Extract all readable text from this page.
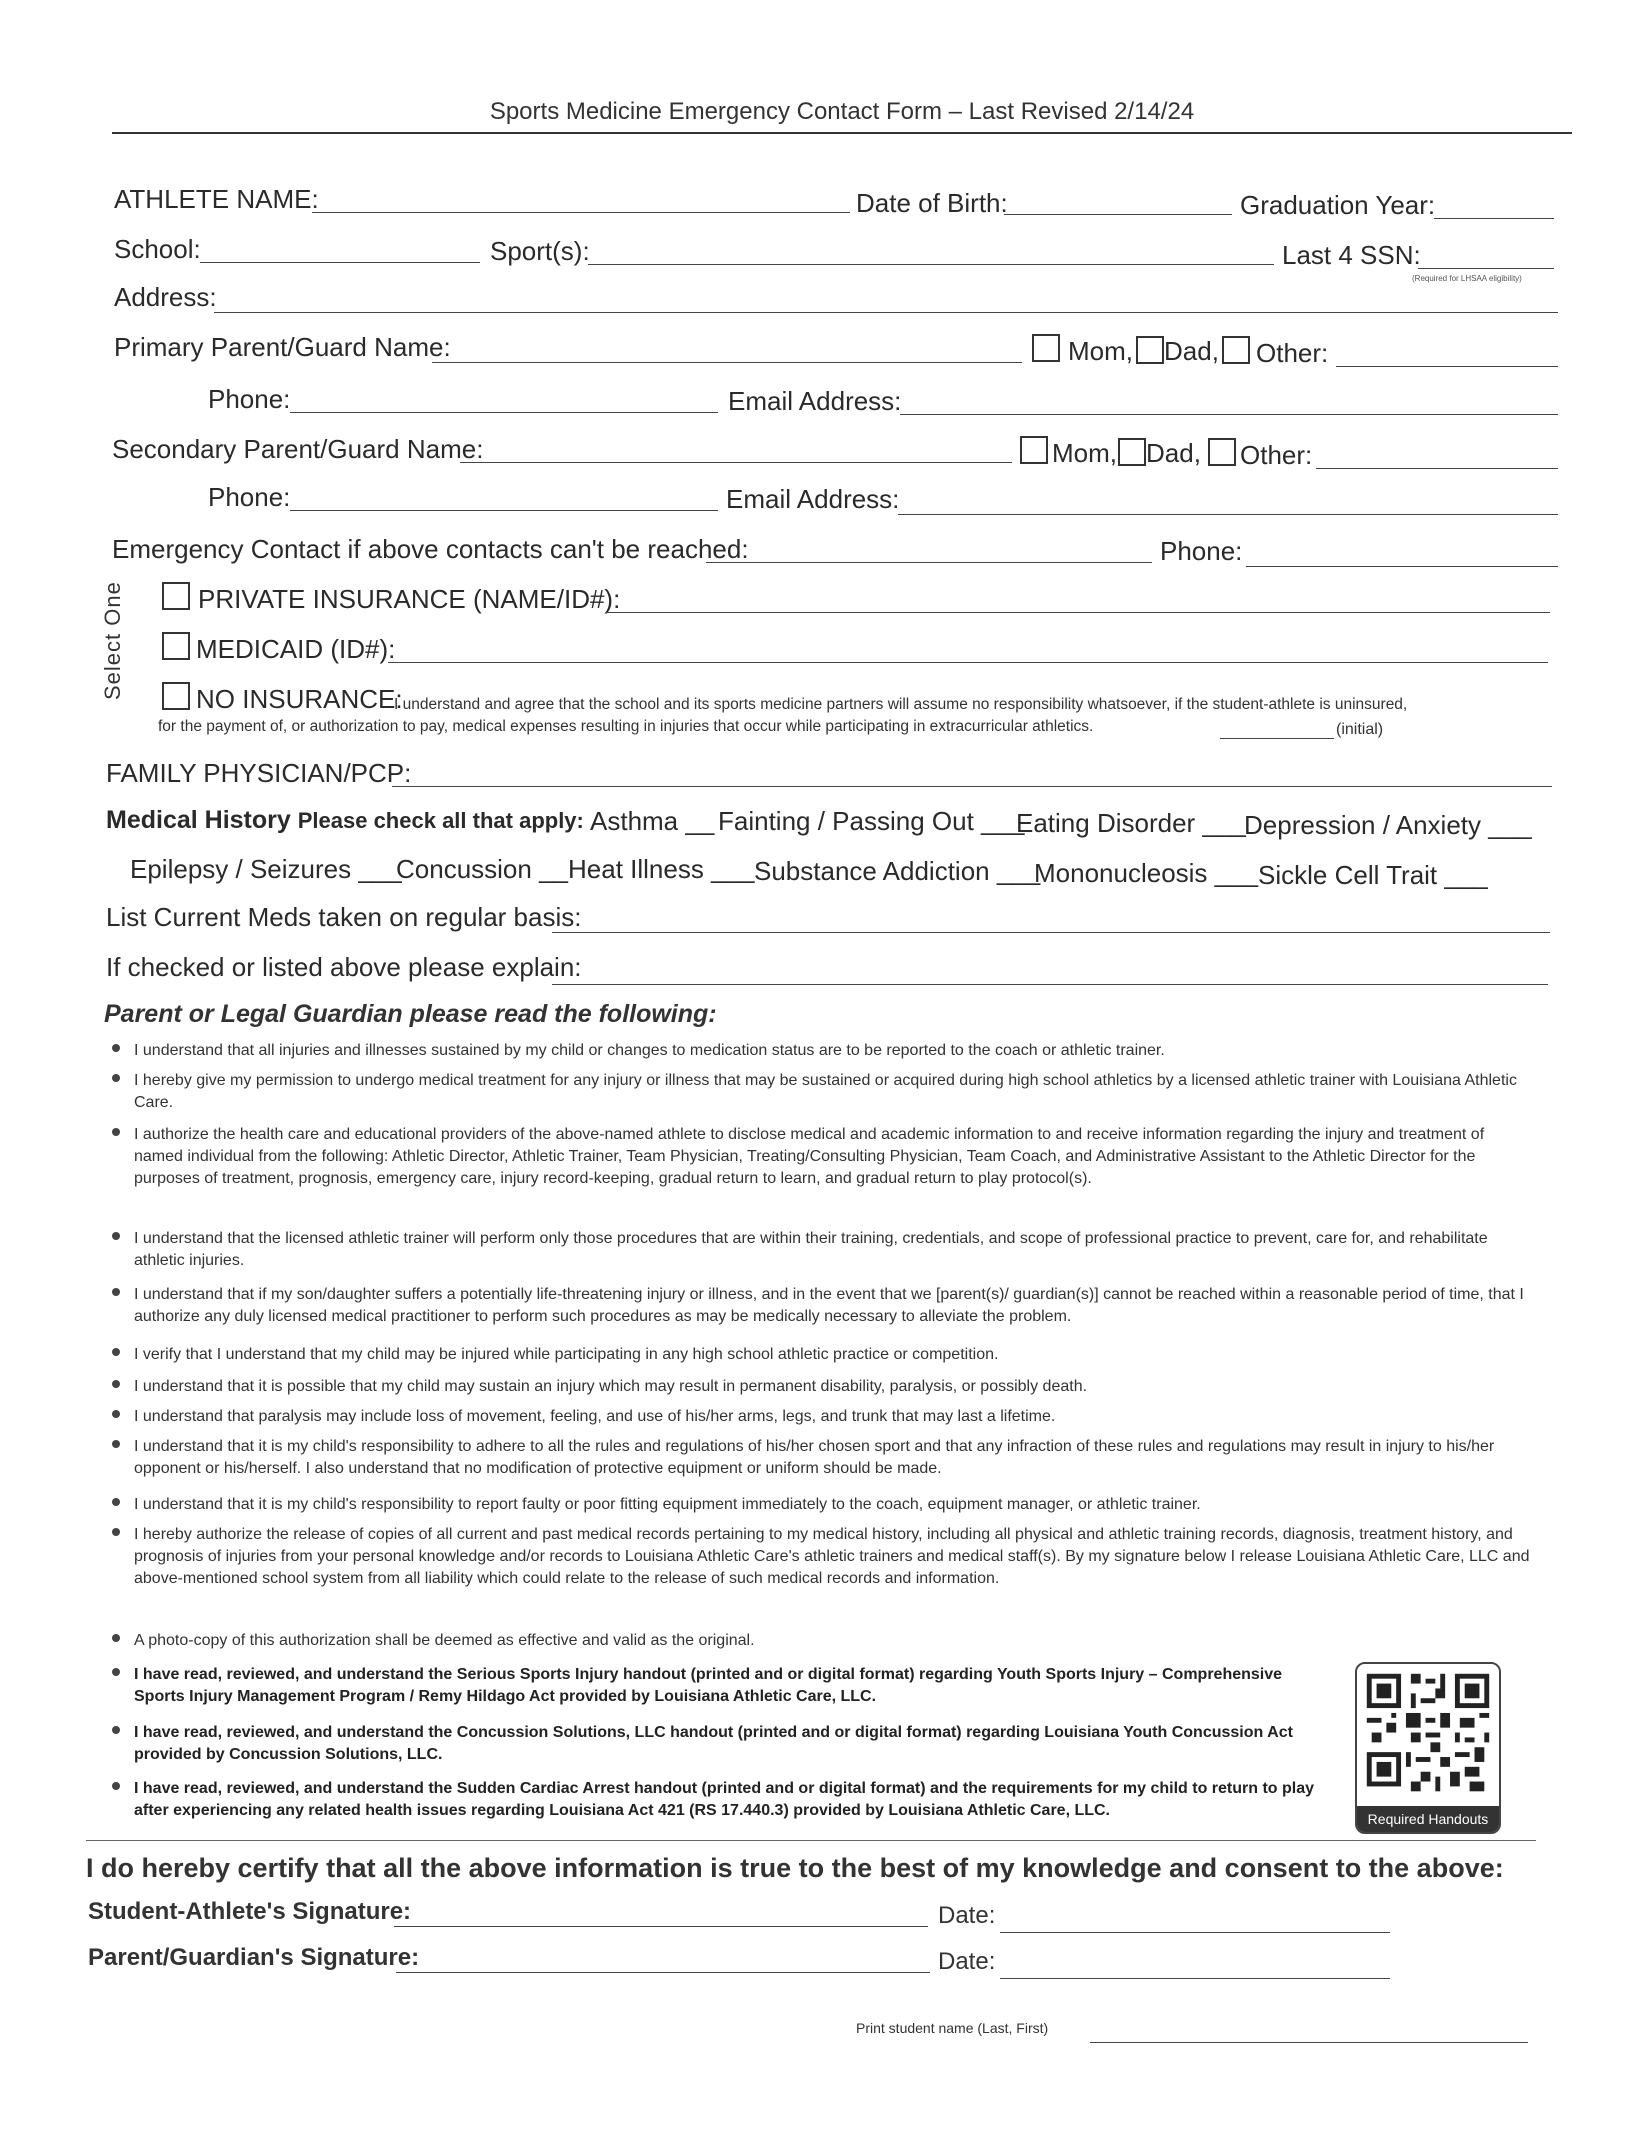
Sports Medicine Emergency Contact Form – Last Revised 2/14/24
ATHLETE NAME:	Date of Birth:	Graduation Year:
School:	Sport(s):	Last 4 SSN:
(Required for LHSAA eligibility)
Address:
Primary Parent/Guard Name:	Mom, Dad, Other:
Phone:	Email Address:
Secondary Parent/Guard Name:	Mom, Dad, Other:
Phone:	Email Address:
Emergency Contact if above contacts can't be reached:	Phone:
Select One	PRIVATE INSURANCE (NAME/ID#):
MEDICAID (ID#):
NO INSURANCE:
I understand and agree that the school and its sports medicine partners will assume no responsibility whatsoever, if the student-athlete is uninsured,
for the payment of, or authorization to pay, medical expenses resulting in injuries that occur while participating in extracurricular athletics.	(initial)
FAMILY PHYSICIAN/PCP:
Medical History Please check all that apply: Asthma __ Fainting / Passing Out ___
Eating Disorder ___
Depression / Anxiety ___
Epilepsy / Seizures ___
Concussion __ Heat Illness ___ Substance Addiction ___
Mononucleosis ___ Sickle Cell Trait ___
List Current Meds taken on regular basis:
If checked or listed above please explain:
Parent or Legal Guardian please read the following:
I understand that all injuries and illnesses sustained by my child or changes to medication status are to be reported to the coach or athletic trainer.
I hereby give my permission to undergo medical treatment for any injury or illness that may be sustained or acquired during high school athletics by a licensed athletic trainer with Louisiana Athletic Care.
I authorize the health care and educational providers of the above-named athlete to disclose medical and academic information to and receive information regarding the injury and treatment of named individual from the following: Athletic Director, Athletic Trainer, Team Physician, Treating/Consulting Physician, Team Coach, and Administrative Assistant to the Athletic Director for the purposes of treatment, prognosis, emergency care, injury record-keeping, gradual return to learn, and gradual return to play protocol(s).
I understand that the licensed athletic trainer will perform only those procedures that are within their training, credentials, and scope of professional practice to prevent, care for, and rehabilitate athletic injuries.
I understand that if my son/daughter suffers a potentially life-threatening injury or illness, and in the event that we [parent(s)/ guardian(s)] cannot be reached within a reasonable period of time, that I authorize any duly licensed medical practitioner to perform such procedures as may be medically necessary to alleviate the problem.
I verify that I understand that my child may be injured while participating in any high school athletic practice or competition.
I understand that it is possible that my child may sustain an injury which may result in permanent disability, paralysis, or possibly death.
I understand that paralysis may include loss of movement, feeling, and use of his/her arms, legs, and trunk that may last a lifetime.
I understand that it is my child's responsibility to adhere to all the rules and regulations of his/her chosen sport and that any infraction of these rules and regulations may result in injury to his/her opponent or his/herself. I also understand that no modification of protective equipment or uniform should be made.
I understand that it is my child's responsibility to report faulty or poor fitting equipment immediately to the coach, equipment manager, or athletic trainer.
I hereby authorize the release of copies of all current and past medical records pertaining to my medical history, including all physical and athletic training records, diagnosis, treatment history, and prognosis of injuries from your personal knowledge and/or records to Louisiana Athletic Care's athletic trainers and medical staff(s). By my signature below I release Louisiana Athletic Care, LLC and above-mentioned school system from all liability which could relate to the release of such medical records and information.
A photo-copy of this authorization shall be deemed as effective and valid as the original.
I have read, reviewed, and understand the Serious Sports Injury handout (printed and or digital format) regarding Youth Sports Injury – Comprehensive Sports Injury Management Program / Remy Hildago Act provided by Louisiana Athletic Care, LLC.
I have read, reviewed, and understand the Concussion Solutions, LLC handout (printed and or digital format) regarding Louisiana Youth Concussion Act provided by Concussion Solutions, LLC.
I have read, reviewed, and understand the Sudden Cardiac Arrest handout (printed and or digital format) and the requirements for my child to return to play after experiencing any related health issues regarding Louisiana Act 421 (RS 17.440.3) provided by Louisiana Athletic Care, LLC.	Required Handouts
I do hereby certify that all the above information is true to the best of my knowledge and consent to the above:
Student-Athlete's Signature:	Date:
Parent/Guardian's Signature:	Date:
Print student name (Last, First)
